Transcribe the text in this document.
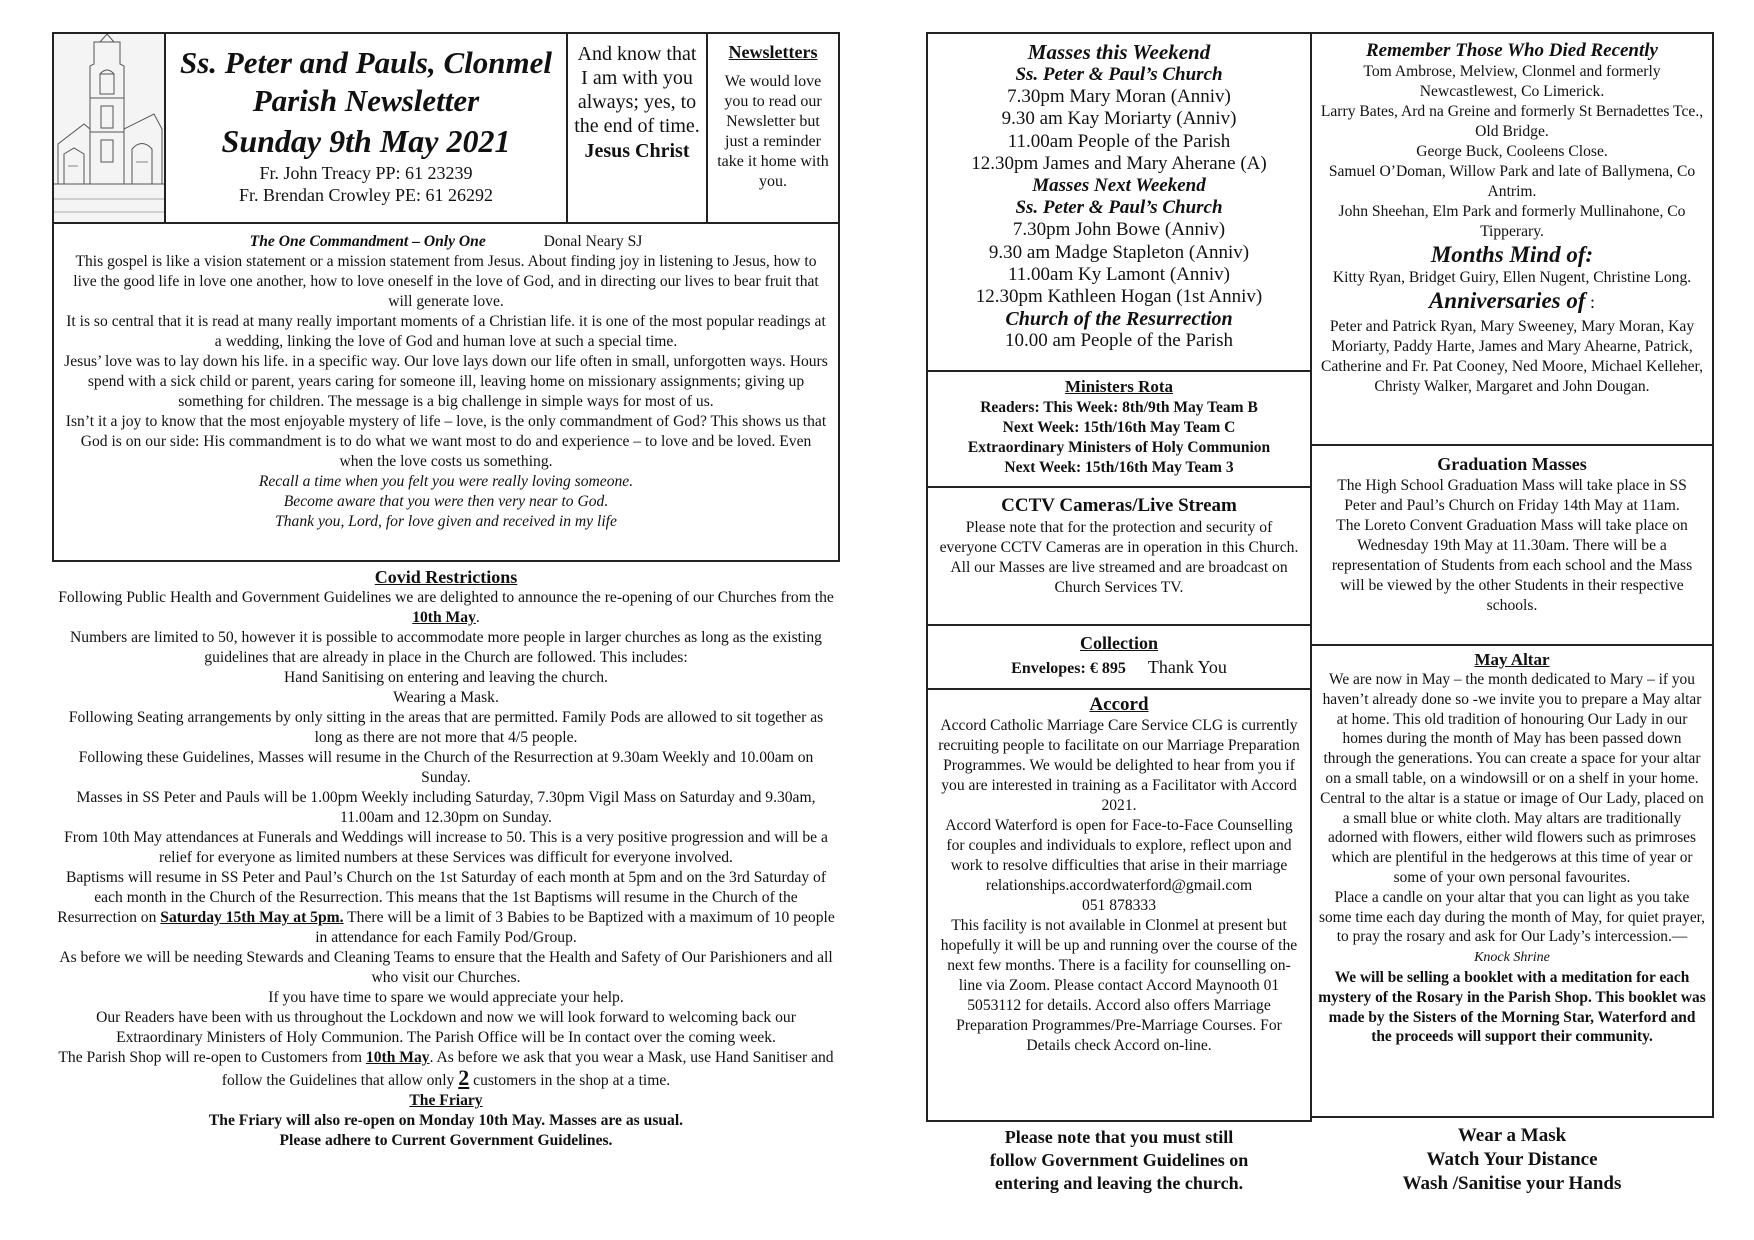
Ss. Peter and Pauls, Clonmel
Parish Newsletter
Sunday 9th May 2021
Fr. John Treacy PP: 61 23239
Fr. Brendan Crowley PE: 61 26292
And know that I am with you always; yes, to the end of time.
Jesus Christ
Newsletters
We would love you to read our Newsletter but just a reminder take it home with you.
The One Commandment – Only One	Donal Neary SJ

This gospel is like a vision statement or a mission statement from Jesus. About finding joy in listening to Jesus, how to live the good life in love one another, how to love oneself in the love of God, and in directing our lives to bear fruit that will generate love.

It is so central that it is read at many really important moments of a Christian life. it is one of the most popular readings at a wedding, linking the love of God and human love at such a special time.

Jesus’ love was to lay down his life. in a specific way. Our love lays down our life often in small, unforgotten ways. Hours spend with a sick child or parent, years caring for someone ill, leaving home on missionary assignments; giving up something for children. The message is a big challenge in simple ways for most of us.

Isn’t it a joy to know that the most enjoyable mystery of life – love, is the only commandment of God? This shows us that God is on our side: His commandment is to do what we want most to do and experience – to love and be loved. Even when the love costs us something.

Recall a time when you felt you were really loving someone.

Become aware that you were then very near to God.

Thank you, Lord, for love given and received in my life

Covid Restrictions

Following Public Health and Government Guidelines we are delighted to announce the re-opening of our Churches from the 10th May.

Numbers are limited to 50, however it is possible to accommodate more people in larger churches as long as the existing guidelines that are already in place in the Church are followed. This includes:

Hand Sanitising on entering and leaving the church.

Wearing a Mask.

Following Seating arrangements by only sitting in the areas that are permitted. Family Pods are allowed to sit together as long as there are not more that 4/5 people.

Following these Guidelines, Masses will resume in the Church of the Resurrection at 9.30am Weekly and 10.00am on Sunday.

Masses in SS Peter and Pauls will be 1.00pm Weekly including Saturday, 7.30pm Vigil Mass on Saturday and 9.30am, 11.00am and 12.30pm on Sunday.

From 10th May attendances at Funerals and Weddings will increase to 50. This is a very positive progression and will be a relief for everyone as limited numbers at these Services was difficult for everyone involved.

Baptisms will resume in SS Peter and Paul’s Church on the 1st Saturday of each month at 5pm and on the 3rd Saturday of each month in the Church of the Resurrection. This means that the 1st Baptisms will resume in the Church of the Resurrection on Saturday 15th May at 5pm. There will be a limit of 3 Babies to be Baptized with a maximum of 10 people in attendance for each Family Pod/Group.

As before we will be needing Stewards and Cleaning Teams to ensure that the Health and Safety of Our Parishioners and all who visit our Churches.

If you have time to spare we would appreciate your help.

Our Readers have been with us throughout the Lockdown and now we will look forward to welcoming back our Extraordinary Ministers of Holy Communion. The Parish Office will be In contact over the coming week.

The Parish Shop will re-open to Customers from 10th May. As before we ask that you wear a Mask, use Hand Sanitiser and follow the Guidelines that allow only 2 customers in the shop at a time.

The Friary
The Friary will also re-open on Monday 10th May. Masses are as usual.
Please adhere to Current Government Guidelines.
Masses this Weekend
Ss. Peter & Paul’s Church
7.30pm Mary Moran (Anniv)
9.30 am Kay Moriarty (Anniv)
11.00am People of the Parish
12.30pm James and Mary Aherane (A)
Masses Next Weekend
Ss. Peter & Paul’s Church
7.30pm John Bowe (Anniv)
9.30 am Madge Stapleton (Anniv)
11.00am Ky Lamont (Anniv)
12.30pm Kathleen Hogan (1st Anniv)
Church of the Resurrection
10.00 am People of the Parish
Ministers Rota
Readers: This Week: 8th/9th May Team B
Next Week: 15th/16th May Team C
Extraordinary Ministers of Holy Communion
Next Week: 15th/16th May Team 3
CCTV Cameras/Live Stream

Please note that for the protection and security of everyone CCTV Cameras are in operation in this Church.

All our Masses are live streamed and are broadcast on Church Services TV.

Collection
Envelopes: € 895 Thank You
Accord

Accord Catholic Marriage Care Service CLG is currently recruiting people to facilitate on our Marriage Preparation Programmes. We would be delighted to hear from you if you are interested in training as a Facilitator with Accord 2021.

Accord Waterford is open for Face-to-Face Counselling for couples and individuals to explore, reflect upon and work to resolve difficulties that arise in their marriage relationships.accordwaterford@gmail.com

051 878333

This facility is not available in Clonmel at present but hopefully it will be up and running over the course of the next few months. There is a facility for counselling on-line via Zoom. Please contact Accord Maynooth 01 5053112 for details. Accord also offers Marriage Preparation Programmes/Pre-Marriage Courses. For Details check Accord on-line.

Please note that you must still
follow Government Guidelines on
entering and leaving the church.
Remember Those Who Died Recently

Tom Ambrose, Melview, Clonmel and formerly Newcastlewest, Co Limerick.

Larry Bates, Ard na Greine and formerly St Bernadettes Tce., Old Bridge.

George Buck, Cooleens Close.

Samuel O’Doman, Willow Park and late of Ballymena, Co Antrim.

John Sheehan, Elm Park and formerly Mullinahone, Co Tipperary.

Months Mind of:

Kitty Ryan, Bridget Guiry, Ellen Nugent, Christine Long.

Anniversaries of :

Peter and Patrick Ryan, Mary Sweeney, Mary Moran, Kay Moriarty, Paddy Harte, James and Mary Ahearne, Patrick, Catherine and Fr. Pat Cooney, Ned Moore, Michael Kelleher, Christy Walker, Margaret and John Dougan.

Graduation Masses

The High School Graduation Mass will take place in SS Peter and Paul’s Church on Friday 14th May at 11am.

The Loreto Convent Graduation Mass will take place on Wednesday 19th May at 11.30am. There will be a representation of Students from each school and the Mass will be viewed by the other Students in their respective schools.

May Altar

We are now in May – the month dedicated to Mary – if you haven’t already done so -we invite you to prepare a May altar at home. This old tradition of honouring Our Lady in our homes during the month of May has been passed down through the generations. You can create a space for your altar on a small table, on a windowsill or on a shelf in your home. Central to the altar is a statue or image of Our Lady, placed on a small blue or white cloth. May altars are traditionally adorned with flowers, either wild flowers such as primroses which are plentiful in the hedgerows at this time of year or some of your own personal favourites.

Place a candle on your altar that you can light as you take some time each day during the month of May, for quiet prayer, to pray the rosary and ask for Our Lady’s intercession.— Knock Shrine

We will be selling a booklet with a meditation for each mystery of the Rosary in the Parish Shop. This booklet was made by the Sisters of the Morning Star, Waterford and the proceeds will support their community.

Wear a Mask
Watch Your Distance
Wash /Sanitise your Hands
